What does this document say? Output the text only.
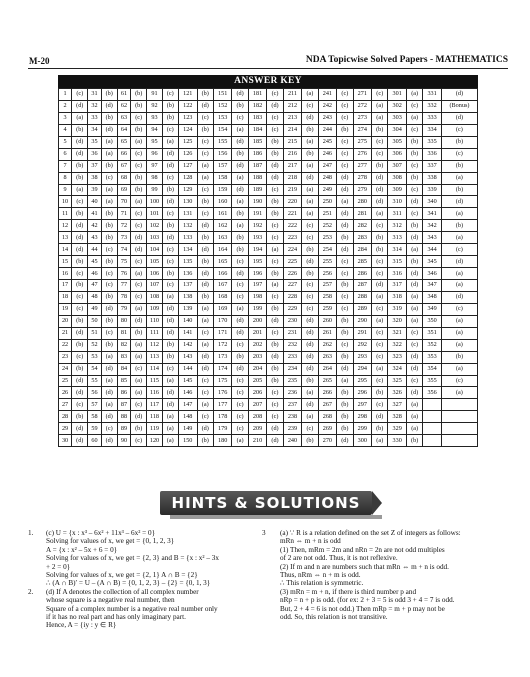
M-20	NDA Topicwise Solved Papers - MATHEMATICS
ANSWER KEY
1	(c)	31	(b)	61	(b)	91	(c)	121	(b)	151	(d)	181	(c)	211	(a)	241	(c)	271	(c)	301	(a)	331	(d)
2	(d)	32	(d)	62	(b)	92	(b)	122	(d)	152	(b)	182	(d)	212	(c)	242	(c)	272	(a)	302	(c)	332	(Bonus)
3	(a)	33	(b)	63	(c)	93	(b)	123	(c)	153	(c)	183	(c)	213	(d)	243	(c)	273	(a)	303	(a)	333	(d)
4	(b)	34	(d)	64	(b)	94	(c)	124	(b)	154	(a)	184	(c)	214	(b)	244	(b)	274	(b)	304	(c)	334	(c)
5	(d)	35	(a)	65	(a)	95	(a)	125	(c)	155	(d)	185	(b)	215	(a)	245	(c)	275	(c)	305	(b)	335	(b)
6	(d)	36	(a)	66	(c)	96	(d)	126	(c)	156	(b)	186	(b)	216	(b)	246	(c)	276	(c)	306	(b)	336	(c)
7	(b)	37	(b)	67	(c)	97	(d)	127	(a)	157	(d)	187	(d)	217	(a)	247	(c)	277	(b)	307	(c)	337	(b)
8	(b)	38	(c)	68	(b)	98	(c)	128	(a)	158	(a)	188	(d)	218	(d)	248	(d)	278	(d)	308	(b)	338	(a)
9	(a)	39	(a)	69	(b)	99	(b)	129	(c)	159	(d)	189	(c)	219	(a)	249	(d)	279	(d)	309	(c)	339	(b)
10	(c)	40	(a)	70	(a)	100	(d)	130	(b)	160	(a)	190	(b)	220	(a)	250	(a)	280	(d)	310	(d)	340	(d)
11	(b)	41	(b)	71	(c)	101	(c)	131	(c)	161	(b)	191	(b)	221	(a)	251	(d)	281	(a)	311	(c)	341	(a)
12	(d)	42	(b)	72	(c)	102	(b)	132	(d)	162	(a)	192	(c)	222	(c)	252	(d)	282	(c)	312	(b)	342	(b)
13	(d)	43	(b)	73	(d)	103	(d)	133	(b)	163	(b)	193	(c)	223	(c)	253	(b)	283	(b)	313	(d)	343	(a)
14	(d)	44	(c)	74	(d)	104	(c)	134	(d)	164	(b)	194	(a)	224	(b)	254	(d)	284	(b)	314	(a)	344	(c)
15	(b)	45	(b)	75	(c)	105	(c)	135	(b)	165	(c)	195	(c)	225	(d)	255	(c)	285	(c)	315	(b)	345	(d)
16	(c)	46	(c)	76	(a)	106	(b)	136	(d)	166	(d)	196	(b)	226	(b)	256	(c)	286	(c)	316	(d)	346	(a)
17	(b)	47	(c)	77	(c)	107	(c)	137	(d)	167	(c)	197	(a)	227	(c)	257	(b)	287	(d)	317	(d)	347	(a)
18	(c)	48	(b)	78	(c)	108	(a)	138	(b)	168	(c)	198	(c)	228	(c)	258	(c)	288	(a)	318	(a)	348	(d)
19	(c)	49	(d)	79	(a)	109	(d)	139	(a)	169	(a)	199	(b)	229	(c)	259	(c)	289	(c)	319	(a)	349	(c)
20	(b)	50	(b)	80	(d)	110	(d)	140	(a)	170	(d)	200	(d)	230	(d)	260	(b)	290	(a)	320	(a)	350	(a)
21	(d)	51	(c)	81	(b)	111	(d)	141	(c)	171	(d)	201	(c)	231	(d)	261	(b)	291	(c)	321	(c)	351	(a)
22	(b)	52	(b)	82	(a)	112	(b)	142	(a)	172	(c)	202	(b)	232	(d)	262	(c)	292	(c)	322	(c)	352	(a)
23	(c)	53	(a)	83	(a)	113	(b)	143	(d)	173	(b)	203	(d)	233	(d)	263	(b)	293	(c)	323	(d)	353	(b)
24	(b)	54	(d)	84	(c)	114	(c)	144	(d)	174	(d)	204	(b)	234	(d)	264	(d)	294	(a)	324	(d)	354	(a)
25	(d)	55	(a)	85	(a)	115	(a)	145	(c)	175	(c)	205	(b)	235	(b)	265	(a)	295	(c)	325	(c)	355	(c)
26	(d)	56	(d)	86	(a)	116	(d)	146	(c)	176	(c)	206	(c)	236	(a)	266	(b)	296	(b)	326	(d)	356	(a)
27	(c)	57	(a)	87	(c)	117	(d)	147	(a)	177	(c)	207	(c)	237	(d)	267	(b)	297	(c)	327	(a)		
28	(b)	58	(d)	88	(d)	118	(a)	148	(c)	178	(c)	208	(c)	238	(a)	268	(b)	298	(d)	328	(a)		
29	(d)	59	(c)	89	(b)	119	(a)	149	(d)	179	(c)	209	(d)	239	(c)	269	(b)	299	(b)	329	(a)		
30	(d)	60	(d)	90	(c)	120	(a)	150	(b)	180	(a)	210	(d)	240	(b)	270	(d)	300	(a)	330	(b)		
HINTS & SOLUTIONS
1. (c) U = {x : x³ – 6x² + 11x³ – 6x² = 0}
Solving for values of x, we get = {0, 1, 2, 3}
A = {x : x² – 5x + 6 = 0}
Solving for values of x, we get = {2, 3} and B = {x : x² – 3x
+ 2 = 0}
Solving for values of x, we get = {2, 1} A ∩ B = {2}
∴ (A ∩ B)′ = U – (A ∩ B) = {0, 1, 2, 3} – {2} = {0, 1, 3}
2. (d) If A denotes the collection of all complex number
whose square is a negative real number, then
Square of a complex number is a negative real number only
if it has no real part and has only imaginary part.
Hence, A = {iy : y ∈ R}
3 (a) ∵ R is a relation defined on the set Z of integers as follows:
mRn ⇔ m + n is odd
(1) Then, mRm = 2m and nRn = 2n are not odd multiples
of 2 are not odd. Thus, it is not reflexive.
(2) If m and n are numbers such that mRn ⇔ m + n is odd.
Thus, nRm ⇔ n + m is odd.
∴ This relation is symmetric.
(3) mRn = m + n, if there is third number p and
nRp = n + p is odd. (for ex: 2 + 3 = 5 is odd 3 + 4 = 7 is odd.
But, 2 + 4 = 6 is not odd.) Then mRp = m + p may not be
odd. So, this relation is not transitive.
